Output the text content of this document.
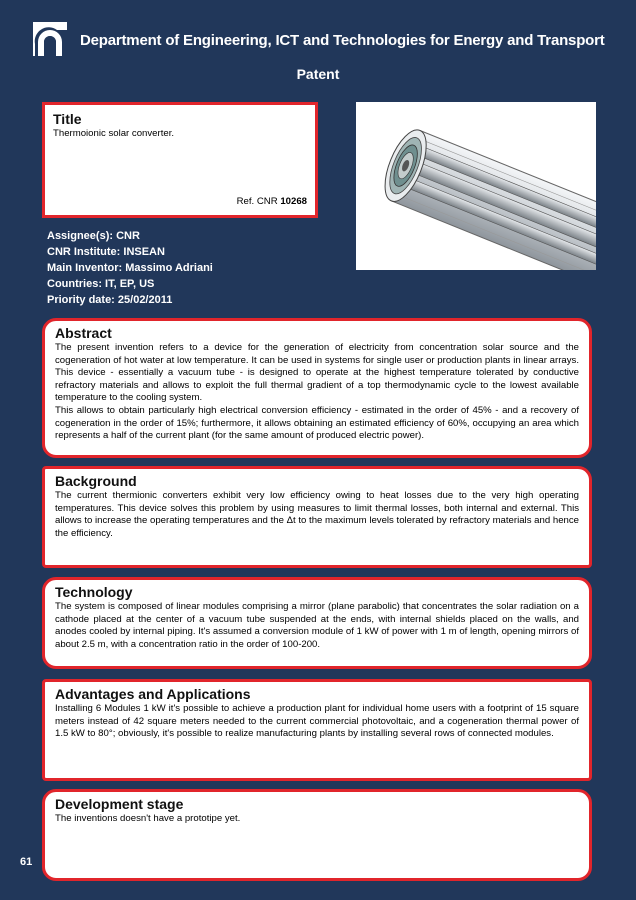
Department of Engineering, ICT and Technologies for Energy and Transport
Patent
Title

Thermoionic solar converter.

Ref. CNR 10268
Assignee(s): CNR
CNR Institute: INSEAN
Main Inventor: Massimo Adriani
Countries: IT, EP, US
Priority date: 25/02/2011
Abstract

The present invention refers to a device for the generation of electricity from concentration solar source and the cogeneration of hot water at low temperature. It can be used in systems for single user or production plants in linear arrays. This device - essentially a vacuum tube - is designed to operate at the highest temperature tolerated by conductive refractory materials and allows to exploit the full thermal gradient of a top thermodynamic cycle to the lowest available temperature to the cooling system.

This allows to obtain particularly high electrical conversion efficiency - estimated in the order of 45% - and a recovery of cogeneration in the order of 15%; furthermore, it allows obtaining an estimated efficiency of 60%, occupying an area which represents a half of the current plant (for the same amount of produced electric power).

Background

The current thermionic converters exhibit very low efficiency owing to heat losses due to the very high operating temperatures. This device solves this problem by using measures to limit thermal losses, both internal and external. This allows to increase the operating temperatures and the Δt to the maximum levels tolerated by refractory materials and hence the efficiency.

Technology

The system is composed of linear modules comprising a mirror (plane parabolic) that concentrates the solar radiation on a cathode placed at the center of a vacuum tube suspended at the ends, with internal shields placed on the walls, and anodes cooled by internal piping. It's assumed a conversion module of 1 kW of power with 1 m of length, opening mirrors of about 2.5 m, with a concentration ratio in the order of 100-200.

Advantages and Applications

Installing 6 Modules 1 kW it's possible to achieve a production plant for individual home users with a footprint of 15 square meters instead of 42 square meters needed to the current commercial photovoltaic, and a cogeneration thermal power of 1.5 kW to 80°; obviously, it's possible to realize manufacturing plants by installing several rows of connected modules.

Development stage

The inventions doesn't have a prototipe yet.

61
